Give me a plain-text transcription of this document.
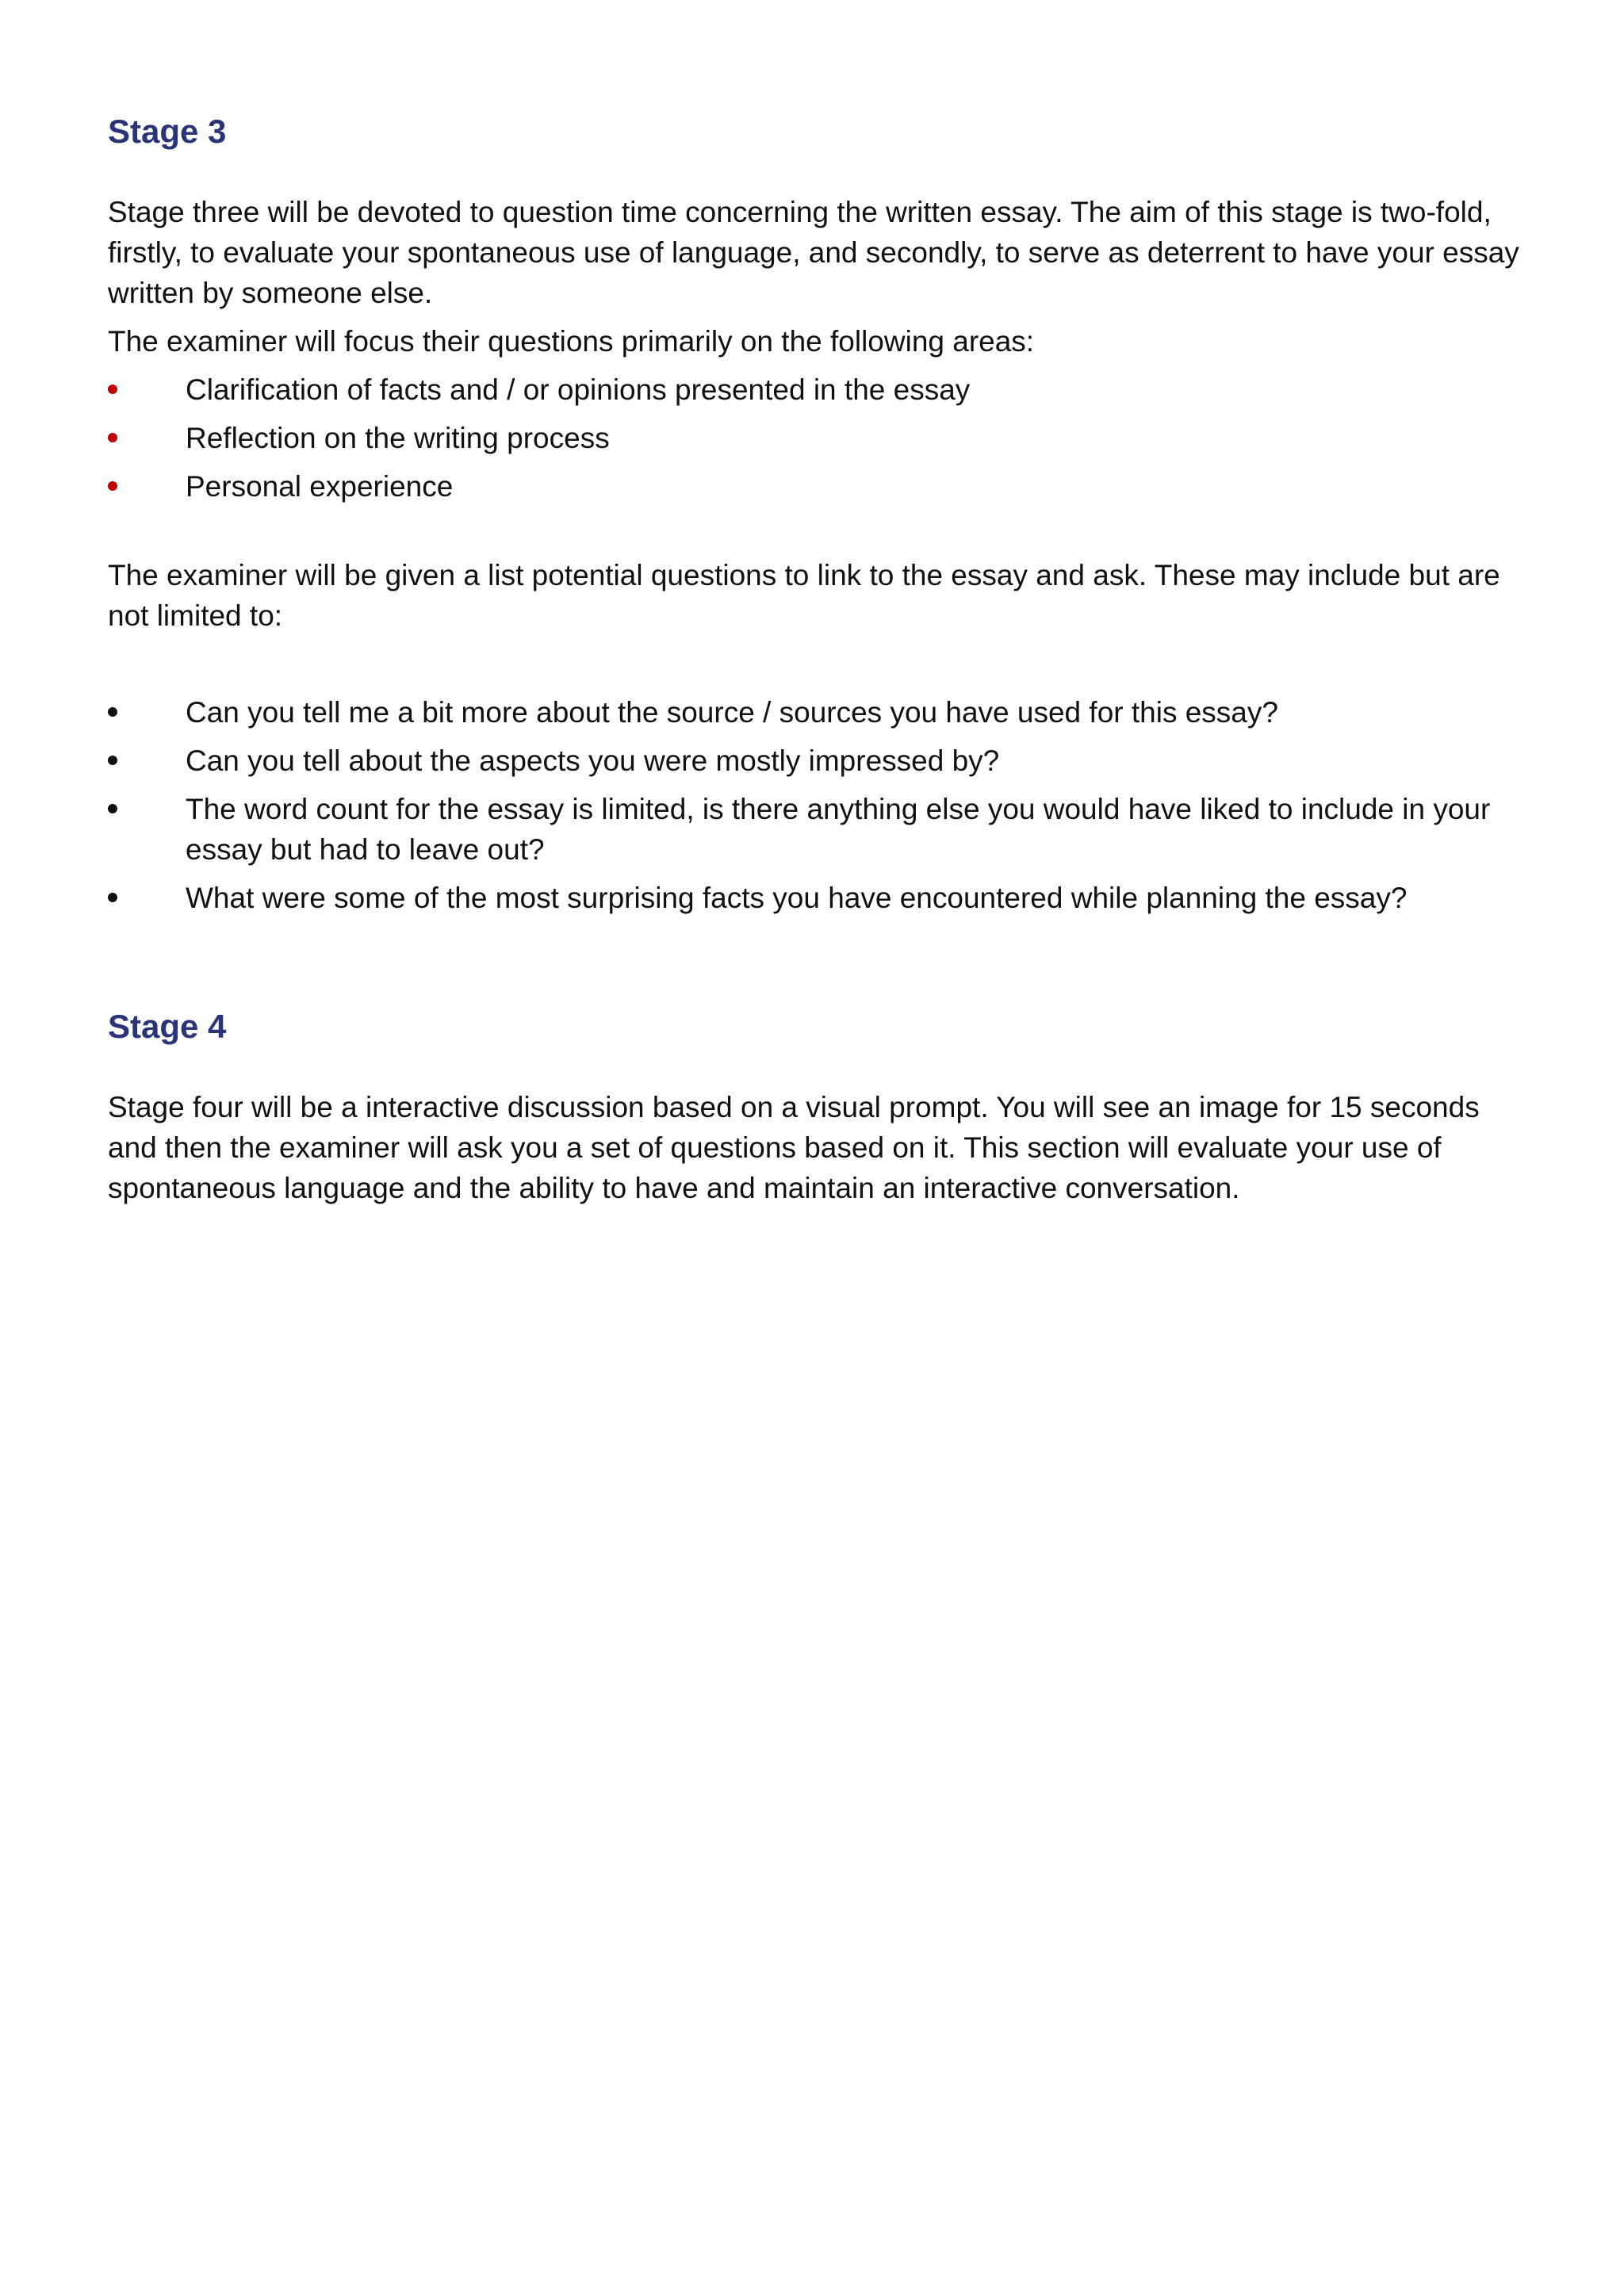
Stage 3

Stage three will be devoted to question time concerning the written essay. The aim of this stage is two-fold, firstly, to evaluate your spontaneous use of language, and secondly, to serve as deterrent to have your essay written by someone else.

The examiner will focus their questions primarily on the following areas:

Clarification of facts and / or opinions presented in the essay
Reflection on the writing process
Personal experience

The examiner will be given a list potential questions to link to the essay and ask. These may include but are not limited to:

Can you tell me a bit more about the source / sources you have used for this essay?
Can you tell about the aspects you were mostly impressed by?
The word count for the essay is limited, is there anything else you would have liked to include in your essay but had to leave out?
What were some of the most surprising facts you have encountered while planning the essay?
Stage 4

Stage four will be a interactive discussion based on a visual prompt. You will see an image for 15 seconds and then the examiner will ask you a set of questions based on it. This section will evaluate your use of spontaneous language and the ability to have and maintain an interactive conversation.
